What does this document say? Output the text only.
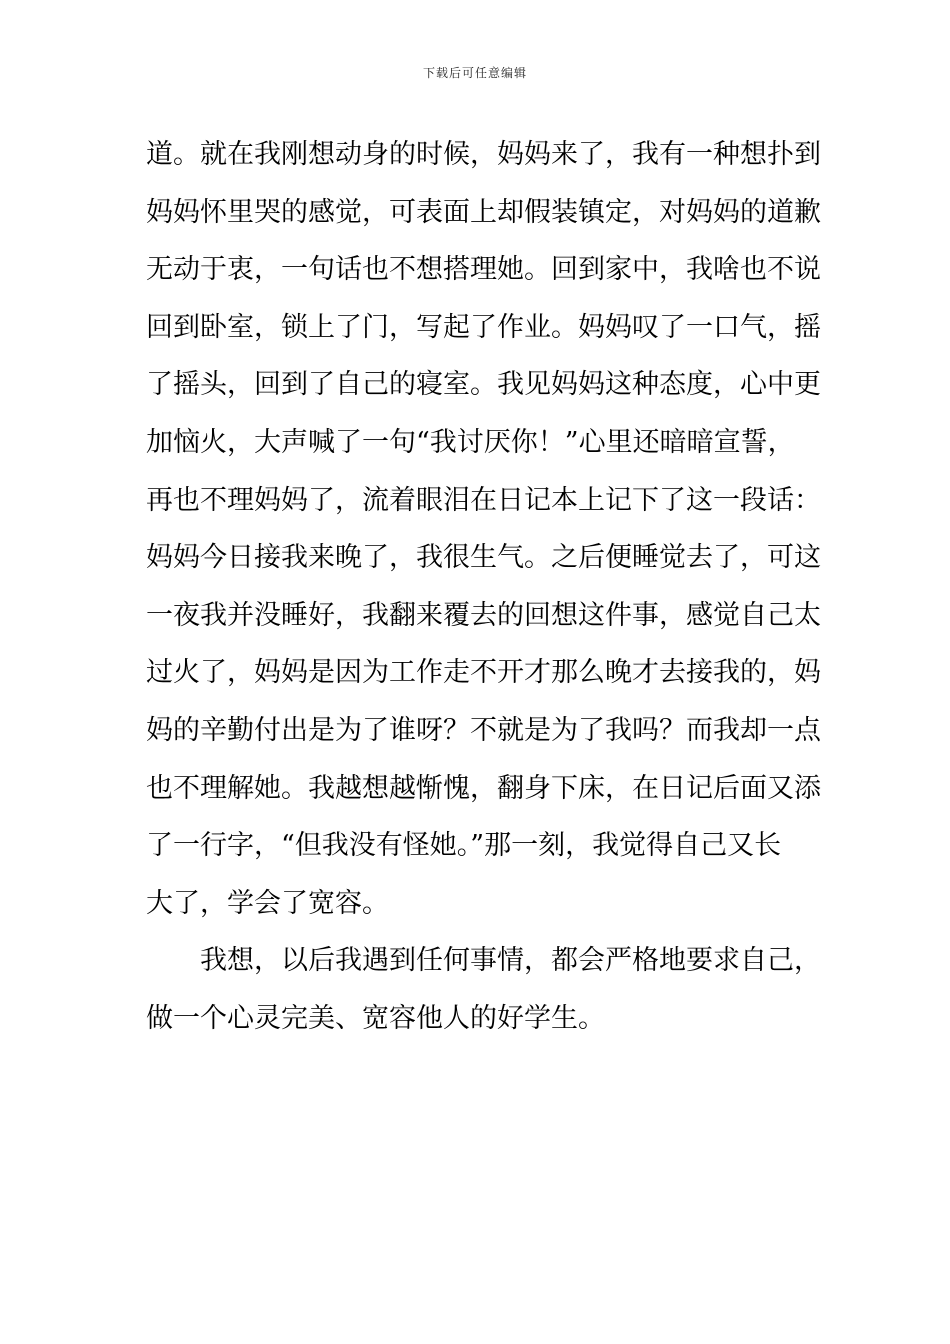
下载后可任意编辑

道。就在我刚想动身的时候，妈妈来了，我有一种想扑到
妈妈怀里哭的感觉，可表面上却假装镇定，对妈妈的道歉
无动于衷，一句话也不想搭理她。回到家中，我啥也不说
回到卧室，锁上了门，写起了作业。妈妈叹了一口气，摇
了摇头，回到了自己的寝室。我见妈妈这种态度，心中更
加恼火，大声喊了一句“我讨厌你！”心里还暗暗宣誓，
再也不理妈妈了，流着眼泪在日记本上记下了这一段话：
妈妈今日接我来晚了，我很生气。之后便睡觉去了，可这
一夜我并没睡好，我翻来覆去的回想这件事，感觉自己太
过火了，妈妈是因为工作走不开才那么晚才去接我的，妈
妈的辛勤付出是为了谁呀？不就是为了我吗？而我却一点
也不理解她。我越想越惭愧，翻身下床，在日记后面又添
了一行字，“但我没有怪她。”那一刻，我觉得自己又长
大了，学会了宽容。

我想，以后我遇到任何事情，都会严格地要求自己，
做一个心灵完美、宽容他人的好学生。
